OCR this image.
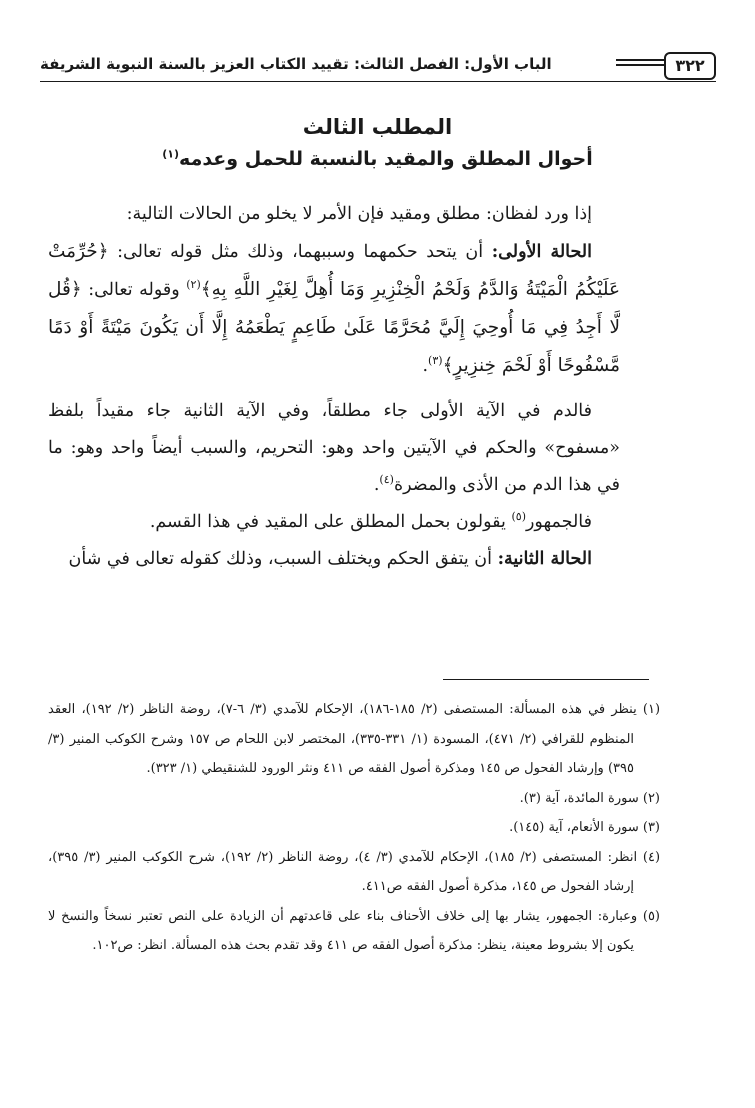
٣٢٢
الباب الأول: الفصل الثالث: تقييد الكتاب العزيز بالسنة النبوية الشريفة
المطلب الثالث
أحوال المطلق والمقيد بالنسبة للحمل وعدمه$^{(١)}$

إذا ورد لفظان: مطلق ومقيد فإن الأمر لا يخلو من الحالات التالية:

الحالة الأولى: أن يتحد حكمهما وسببهما، وذلك مثل قوله تعالى: ﴿حُرِّمَتْ عَلَيْكُمُ الْمَيْتَةُ وَالدَّمُ وَلَحْمُ الْخِنْزِيرِ وَمَا أُهِلَّ لِغَيْرِ اللَّهِ بِهِ﴾$^{(٢)}$ وقوله تعالى: ﴿قُل لَّا أَجِدُ فِي مَا أُوحِيَ إِلَيَّ مُحَرَّمًا عَلَىٰ طَاعِمٍ يَطْعَمُهُ إِلَّا أَن يَكُونَ مَيْتَةً أَوْ دَمًا مَّسْفُوحًا أَوْ لَحْمَ خِنزِيرٍ﴾$^{(٣)}$.

فالدم في الآية الأولى جاء مطلقاً، وفي الآية الثانية جاء مقيداً بلفظ «مسفوح» والحكم في الآيتين واحد وهو: التحريم، والسبب أيضاً واحد وهو: ما في هذا الدم من الأذى والمضرة$^{(٤)}$.

فالجمهور$^{(٥)}$ يقولون بحمل المطلق على المقيد في هذا القسم.

الحالة الثانية: أن يتفق الحكم ويختلف السبب، وذلك كقوله تعالى في شأن

(١) ينظر في هذه المسألة: المستصفى (٢/ ١٨٥-١٨٦)، الإحكام للآمدي (٣/ ٦-٧)، روضة الناظر (٢/ ١٩٢)، العقد المنظوم للقرافي (٢/ ٤٧١)، المسودة (١/ ٣٣١-٣٣٥)، المختصر لابن اللحام ص ١٥٧ وشرح الكوكب المنير (٣/ ٣٩٥) وإرشاد الفحول ص ١٤٥ ومذكرة أصول الفقه ص ٤١١ ونثر الورود للشنقيطي (١/ ٣٢٣).

(٢) سورة المائدة، آية (٣).

(٣) سورة الأنعام، آية (١٤٥).

(٤) انظر: المستصفى (٢/ ١٨٥)، الإحكام للآمدي (٣/ ٤)، روضة الناظر (٢/ ١٩٢)، شرح الكوكب المنير (٣/ ٣٩٥)، إرشاد الفحول ص ١٤٥، مذكرة أصول الفقه ص٤١١.

(٥) وعبارة: الجمهور، يشار بها إلى خلاف الأحناف بناء على قاعدتهم أن الزيادة على النص تعتبر نسخاً والنسخ لا يكون إلا بشروط معينة، ينظر: مذكرة أصول الفقه ص ٤١١ وقد تقدم بحث هذه المسألة. انظر: ص١٠٢.
